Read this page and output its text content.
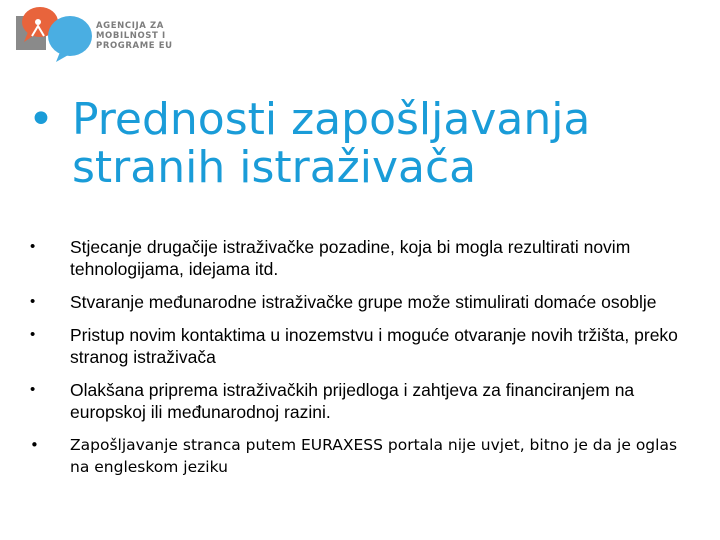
AGENCIJA ZA
MOBILNOST I
PROGRAME EU
• Prednosti zapošljavanja
stranih istraživača
• Stjecanje drugačije istraživačke pozadine, koja bi mogla rezultirati novim tehnologijama, idejama itd.
• Stvaranje međunarodne istraživačke grupe može stimulirati domaće osoblje
• Pristup novim kontaktima u inozemstvu i moguće otvaranje novih tržišta, preko stranog istraživača
• Olakšana priprema istraživačkih prijedloga i zahtjeva za financiranjem na europskoj ili međunarodnoj razini.
• Zapošljavanje stranca putem EURAXESS portala nije uvjet, bitno je da je oglas na engleskom jeziku
